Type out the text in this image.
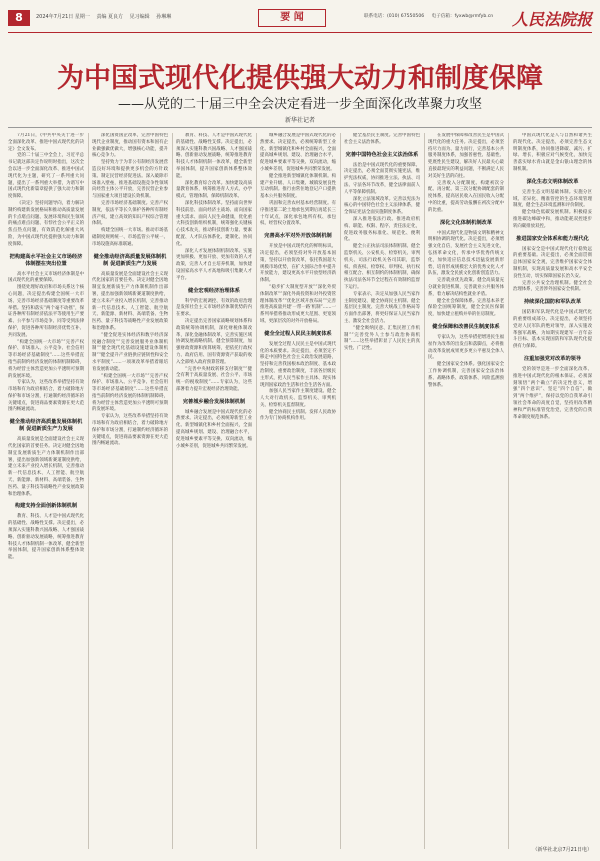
8	2024年7月21日 星期一 责编 夏良方 见习编辑 孙琳琳	要 闻	联系电话：(010) 67550506 电子信箱：fyxwb@rmfyb.cn	人民法院报
为中国式现代化提供强大动力和制度保障
——从党的二十届三中全会决定看进一步全面深化改革聚力攻坚
新华社记者

7月21日，《中共中央关于进一步全面深化改革、推进中国式现代化的决定》全文发布。

党的二十届三中全会上，习近平总书记就这部决定作说明时指出，这次全会以进一步全面深化改革、推进中国式现代化为主题，研究了一系列重大问题，提出了一系列重大举措，为谱写中国式现代化新篇章提供了强大动力和制度保障。

《决定》坚持问题导向，着力解决制约构建新发展格局和推动高质量发展的卡点堵点问题、发展环境和民生领域的痛点难点问题、有悖社会公平正义的焦点热点问题，有效防范化解重大风险，为中国式现代化提供强大动力和制度保障。

把构建高水平社会主义市场经济体制摆在突出位置

高水平社会主义市场经济体制是中国式现代化的重要保障。

围绕处理好政府和市场关系这个核心问题，决定提出构建全国统一大市场、完善市场经济基础制度等重要改革举措。坚持和落实“两个毫不动摇”，保证各种所有制经济依法平等使用生产要素、公平参与市场竞争、同等受到法律保护，促进各种所有制经济优势互补、共同发展。

“构建全国统一大市场”“完善产权保护、市场准入、公平竞争、社会信用等市场经济基础制度”……这些举措直指当前制约经济发展的体制机制障碍，将为经营主体营造更加公平透明可预期的发展环境。

专家认为，这些改革举措坚持有效市场和有为政府相结合，着力破除地方保护和市场分割，打通制约经济循环的关键堵点，促进商品要素资源在更大范围内畅通流动。

健全推动经济高质量发展体制机制 促进新质生产力发展

高质量发展是全面建设社会主义现代化国家的首要任务。决定对健全因地制宜发展新质生产力体制机制作出部署，提出加强新领域新赛道制度供给，建立未来产业投入增长机制，完善推动新一代信息技术、人工智能、航空航天、新能源、新材料、高端装备、生物医药、量子科技等战略性产业发展政策和治理体系。

构建支持全面创新体制机制

教育、科技、人才是中国式现代化的基础性、战略性支撑。决定提出，必须深入实施科教兴国战略、人才强国战略、创新驱动发展战略，统筹推进教育科技人才体制机制一体改革，健全新型举国体制，提升国家创新体系整体效能。

深化国资国企改革，完善中国特色现代企业制度，推动国有资本和国有企业做强做优做大，增强核心功能，提升核心竞争力。

坚持致力于为非公有制经济发展营造良好环境和提供更多机会的方针政策。制定民营经济促进法。深入破除市场准入壁垒，推进基础设施竞争性领域向经营主体公平开放，完善民营企业参与国家重大项目建设长效机制。

完善市场经济基础制度。完善产权制度，依法平等长久保护各种所有制经济产权，建立高效的知识产权综合管理体制。

构建全国统一大市场。推动市场基础制度规则统一、市场监管公平统一、市场设施高标准联通。

健全推动经济高质量发展体制机制 促进新质生产力发展

高质量发展是全面建设社会主义现代化国家的首要任务。决定对健全因地制宜发展新质生产力体制机制作出部署，提出加强新领域新赛道制度供给，建立未来产业投入增长机制，完善推动新一代信息技术、人工智能、航空航天、新能源、新材料、高端装备、生物医药、量子科技等战略性产业发展政策和治理体系。

“健全促进实体经济和数字经济深度融合制度”“完善发展服务业体制机制”“健全现代化基础设施建设体制机制”“健全提升产业链供应链韧性和安全水平制度”……一项项改革举措着眼培育发展新动能。

“构建全国统一大市场”“完善产权保护、市场准入、公平竞争、社会信用等市场经济基础制度”……这些举措直指当前制约经济发展的体制机制障碍，将为经营主体营造更加公平透明可预期的发展环境。

专家认为，这些改革举措坚持有效市场和有为政府相结合，着力破除地方保护和市场分割，打通制约经济循环的关键堵点，促进商品要素资源在更大范围内畅通流动。

教育、科技、人才是中国式现代化的基础性、战略性支撑。决定提出，必须深入实施科教兴国战略、人才强国战略、创新驱动发展战略，统筹推进教育科技人才体制机制一体改革，健全新型举国体制，提升国家创新体系整体效能。

深化教育综合改革。加快建设高质量教育体系，统筹推进育人方式、办学模式、管理体制、保障机制改革。

深化科技体制改革。坚持面向世界科技前沿、面向经济主战场、面向国家重大需求、面向人民生命健康，优化重大科技创新组织机制，统筹强化关键核心技术攻关，推动科技创新力量、要素配置、人才队伍体系化、建制化、协同化。

深化人才发展体制机制改革。实施更加积极、更加开放、更加有效的人才政策，完善人才自主培养机制，加快建设国家高水平人才高地和吸引集聚人才平台。

健全宏观经济治理体系

科学的宏观调控、有效的政府治理是发挥社会主义市场经济体制优势的内在要求。

决定提出完善国家战略规划体系和政策统筹协调机制，深化财税体制改革，深化金融体制改革，完善实施区域协调发展战略机制。健全预算制度，加强财政资源和预算统筹，把依托行政权力、政府信用、国有资源资产获取的收入全部纳入政府预算管理。

“完善中央财政转移支付制度”“健全有利于高质量发展、社会公平、市场统一的税收制度”……专家认为，这些部署着力提升宏观经济治理效能。

完善城乡融合发展体制机制

城乡融合发展是中国式现代化的必然要求。决定提出，必须统筹新型工业化、新型城镇化和乡村全面振兴，全面提高城乡规划、建设、治理融合水平，促进城乡要素平等交换、双向流动，缩小城乡差别，促进城乡共同繁荣发展。

城乡融合发展是中国式现代化的必然要求。决定提出，必须统筹新型工业化、新型城镇化和乡村全面振兴，全面提高城乡规划、建设、治理融合水平，促进城乡要素平等交换、双向流动，缩小城乡差别，促进城乡共同繁荣发展。

健全推进新型城镇化体制机制。构建产业升级、人口集聚、城镇发展良性互动机制。推行由常住地登记户口提供基本公共服务制度。

巩固和完善农村基本经营制度。有序推进第二轮土地承包到期后再延长三十年试点，深化承包地所有权、承包权、经营权分置改革。

完善高水平对外开放体制机制

开放是中国式现代化的鲜明标识。决定提出，必须坚持对外开放基本国策，坚持以开放促改革，依托我国超大规模市场优势，在扩大国际合作中提升开放能力，建设更高水平开放型经济新体制。

“稳步扩大制度型开放”“深化外贸体制改革”“深化外商投资和对外投资管理体制改革”“优化区域开放布局”“完善推进高质量共建‘一带一路’机制”……一系列举措将推动形成更大范围、更宽领域、更深层次的对外开放格局。

健全全过程人民民主制度体系

发展全过程人民民主是中国式现代化的本质要求。决定提出，必须坚定不移走中国特色社会主义政治发展道路，坚持和完善我国根本政治制度、基本政治制度、重要政治制度，丰富各层级民主形式，把人民当家作主具体、现实体现到国家政治生活和社会生活各方面。

加强人民当家作主制度建设。健全人大对行政机关、监察机关、审判机关、检察机关监督制度。

健全协商民主机制。发挥人民政协作为专门协商机构作用。

健全基层民主制度。完善中国特色社会主义法治体系。

完善中国特色社会主义法治体系

法治是中国式现代化的重要保障。决定提出，必须全面贯彻实施宪法，维护宪法权威，协同推进立法、执法、司法、守法各环节改革，健全法律面前人人平等保障机制。

深化立法领域改革。完善以宪法为核心的中国特色社会主义法律体系，健全保证宪法全面实施制度体系。

深入推进依法行政。推进政府机构、职能、权限、程序、责任法定化，促进政务服务标准化、规范化、便利化。

健全公正执法司法体制机制。健全监察机关、公安机关、检察机关、审判机关、司法行政机关各司其职，监察权、侦查权、检察权、审判权、执行权相互配合、相互制约的体制机制，确保执法司法各环节全过程在有效制约监督下运行。

专家表示，决定从加强人民当家作主制度建设、健全协商民主机制、健全基层民主制度、完善大统战工作格局等方面作出部署，将更好保证人民当家作主、激发全社会活力。

“健全吸纳民意、汇集民智工作机制”“完善党外人士参与政治协商机制”……这些举措彰显了人民民主的真实性、广泛性。

在发展中保障和改善民生是中国式现代化的重大任务。决定提出，必须坚持尽力而为、量力而行，完善基本公共服务制度体系，加强普惠性、基础性、兜底性民生建设，解决好人民最关心最直接最现实的利益问题，不断满足人民对美好生活的向往。

完善收入分配制度。构建初次分配、再分配、第三次分配协调配套的制度体系，提高居民收入在国民收入分配中的比重，提高劳动报酬在初次分配中的比重。

深化文化体制机制改革

中国式现代化是物质文明和精神文明相协调的现代化。决定提出，必须增强文化自信，发展社会主义先进文化，弘扬革命文化，传承中华优秀传统文化，加快适应信息技术迅猛发展新形势，培育形成规模宏大的优秀文化人才队伍，激发全民族文化创新创造活力。

完善就业优先政策。健全高质量充分就业促进机制，完善就业公共服务体系，着力解决结构性就业矛盾。

健全社会保障体系。完善基本养老保险全国统筹制度，健全全民医保制度，加快建立租购并举的住房制度。

健全保障和改善民生制度体系

专家认为，这些举措把增进民生福祉作为改革的出发点和落脚点，必将推动改革发展成果更多更公平惠及全体人民。

健全国家安全体系。强化国家安全工作协调机制，完善国家安全法治体系、战略体系、政策体系、风险监测预警体系。

中国式现代化是人与自然和谐共生的现代化。决定提出，必须完善生态文明制度体系，协同推进降碳、减污、扩绿、增长，积极应对气候变化，加快完善落实绿水青山就是金山银山理念的体制机制。

深化生态文明体制改革

完善生态文明基础体制。实施分区域、差异化、精准管控的生态环境管理制度，健全生态环境监测和评价制度。

健全绿色低碳发展机制。积极稳妥推进碳达峰碳中和，推动能耗双控逐步转向碳排放双控。

推进国家安全体系和能力现代化

国家安全是中国式现代化行稳致远的重要基础。决定提出，必须全面贯彻总体国家安全观，完善维护国家安全体制机制，实现高质量发展和高水平安全良性互动，切实保障国家长治久安。

完善公共安全治理机制。健全社会治理体系，完善涉外国家安全机制。

持续深化国防和军队改革

国防和军队现代化是中国式现代化的重要组成部分。决定提出，必须坚持党对人民军队的绝对领导，深入实施改革强军战略，为如期实现建军一百年奋斗目标、基本实现国防和军队现代化提供有力保障。

注重加强党对改革的领导

党的领导是进一步全面深化改革、推进中国式现代化的根本保证。必须深刻领悟“两个确立”的决定性意义，增强“四个意识”、坚定“四个自信”、做到“两个维护”，保持以党的自我革命引领社会革命的高度自觉，坚持用改革精神和严的标准管党治党，完善党的自我革命制度规范体系。

（新华社北京7月21日电）
